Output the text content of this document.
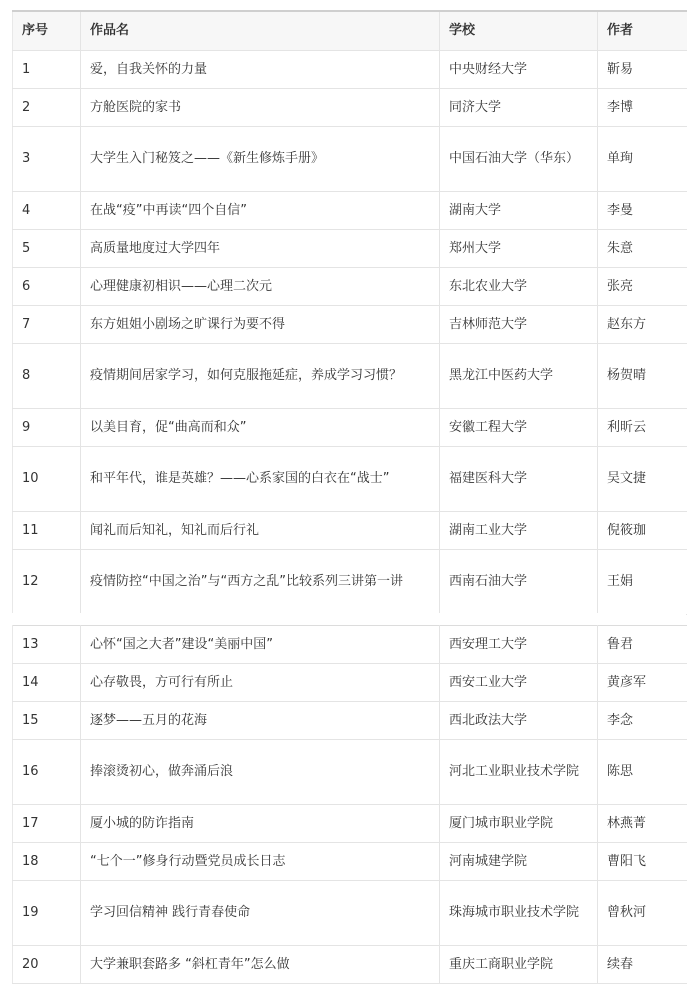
序号	作品名	学校	作者
1	爱，自我关怀的力量	中央财经大学	靳易
2	方舱医院的家书	同济大学	李博
3	大学生入门秘笈之——《新生修炼手册》	中国石油大学（华东）	单珣
4	在战“疫”中再读“四个自信”	湖南大学	李曼
5	高质量地度过大学四年	郑州大学	朱意
6	心理健康初相识——心理二次元	东北农业大学	张亮
7	东方姐姐小剧场之旷课行为要不得	吉林师范大学	赵东方
8	疫情期间居家学习，如何克服拖延症，养成学习习惯？	黑龙江中医药大学	杨贺晴
9	以美目育，促“曲高而和众”	安徽工程大学	利昕云
10	和平年代，谁是英雄？——心系家国的白衣在“战士”	福建医科大学	吴文捷
11	闻礼而后知礼，知礼而后行礼	湖南工业大学	倪筱珈
12	疫情防控“中国之治”与“西方之乱”比较系列三讲第一讲	西南石油大学	王娟
13	心怀“国之大者”建设“美丽中国”	西安理工大学	鲁君
14	心存敬畏，方可行有所止	西安工业大学	黄彦军
15	逐梦——五月的花海	西北政法大学	李念
16	捧滚烫初心，做奔涌后浪	河北工业职业技术学院	陈思
17	厦小城的防诈指南	厦门城市职业学院	林燕菁
18	“七个一”修身行动暨党员成长日志	河南城建学院	曹阳飞
19	学习回信精神 践行青春使命	珠海城市职业技术学院	曾秋河
20	大学兼职套路多 “斜杠青年”怎么做	重庆工商职业学院	续春
